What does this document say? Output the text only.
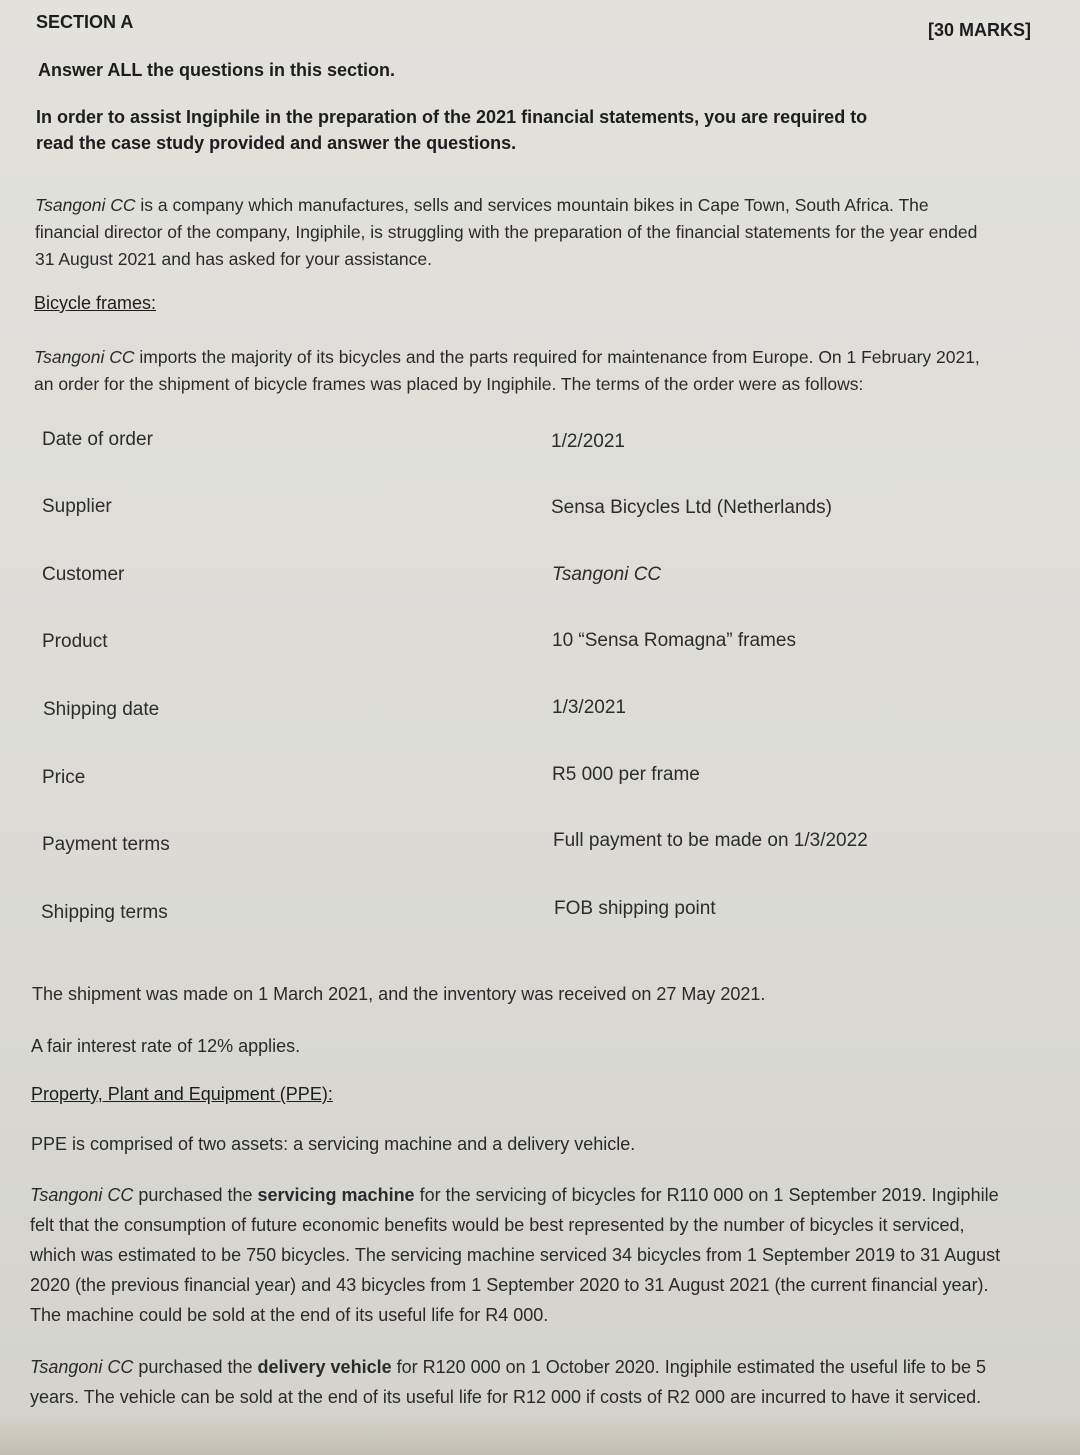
SECTION A	[30 MARKS]
Answer ALL the questions in this section.
In order to assist Ingiphile in the preparation of the 2021 financial statements, you are required to
read the case study provided and answer the questions.
Tsangoni CC is a company which manufactures, sells and services mountain bikes in Cape Town, South Africa. The
financial director of the company, Ingiphile, is struggling with the preparation of the financial statements for the year ended
31 August 2021 and has asked for your assistance.
Bicycle frames:
Tsangoni CC imports the majority of its bicycles and the parts required for maintenance from Europe. On 1 February 2021,
an order for the shipment of bicycle frames was placed by Ingiphile. The terms of the order were as follows:
Date of order	1/2/2021
Supplier	Sensa Bicycles Ltd (Netherlands)
Customer	Tsangoni CC
Product	10 “Sensa Romagna” frames
Shipping date	1/3/2021
Price	R5 000 per frame
Payment terms	Full payment to be made on 1/3/2022
Shipping terms	FOB shipping point
The shipment was made on 1 March 2021, and the inventory was received on 27 May 2021.
A fair interest rate of 12% applies.
Property, Plant and Equipment (PPE):
PPE is comprised of two assets: a servicing machine and a delivery vehicle.
Tsangoni CC purchased the servicing machine for the servicing of bicycles for R110 000 on 1 September 2019. Ingiphile
felt that the consumption of future economic benefits would be best represented by the number of bicycles it serviced,
which was estimated to be 750 bicycles. The servicing machine serviced 34 bicycles from 1 September 2019 to 31 August
2020 (the previous financial year) and 43 bicycles from 1 September 2020 to 31 August 2021 (the current financial year).
The machine could be sold at the end of its useful life for R4 000.
Tsangoni CC purchased the delivery vehicle for R120 000 on 1 October 2020. Ingiphile estimated the useful life to be 5
years. The vehicle can be sold at the end of its useful life for R12 000 if costs of R2 000 are incurred to have it serviced.
